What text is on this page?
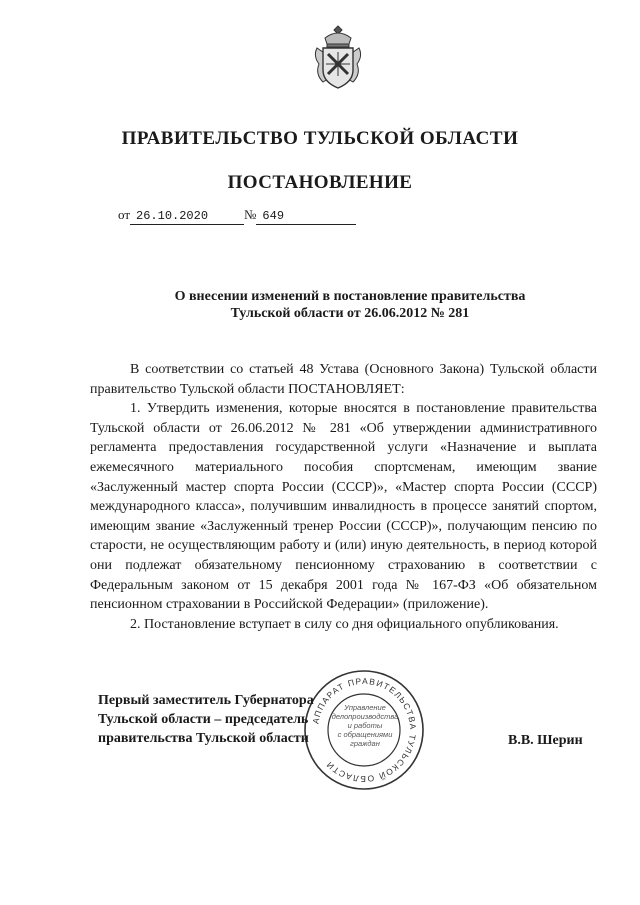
ПРАВИТЕЛЬСТВО ТУЛЬСКОЙ ОБЛАСТИ
ПОСТАНОВЛЕНИЕ
от 26.10.2020	№ 649
О внесении изменений в постановление правительства
Тульской области от 26.06.2012 № 281

В соответствии со статьей 48 Устава (Основного Закона) Тульской области правительство Тульской области ПОСТАНОВЛЯЕТ:

1. Утвердить изменения, которые вносятся в постановление правительства Тульской области от 26.06.2012 № 281 «Об утверждении административного регламента предоставления государственной услуги «Назначение и выплата ежемесячного материального пособия спортсменам, имеющим звание «Заслуженный мастер спорта России (СССР)», «Мастер спорта России (СССР) международного класса», получившим инвалидность в процессе занятий спортом, имеющим звание «Заслуженный тренер России (СССР)», получающим пенсию по старости, не осуществляющим работу и (или) иную деятельность, в период которой они подлежат обязательному пенсионному страхованию в соответствии с Федеральным законом от 15 декабря 2001 года № 167-ФЗ «Об обязательном пенсионном страховании в Российской Федерации» (приложение).

2. Постановление вступает в силу со дня официального опубликования.

АППАРАТ ПРАВИТЕЛЬСТВА ТУЛЬСКОЙ ОБЛАСТИ
Управление
делопроизводства
и работы
с обращениями
граждан
Первый заместитель Губернатора
Тульской области – председатель
правительства Тульской области	В.В. Шерин
